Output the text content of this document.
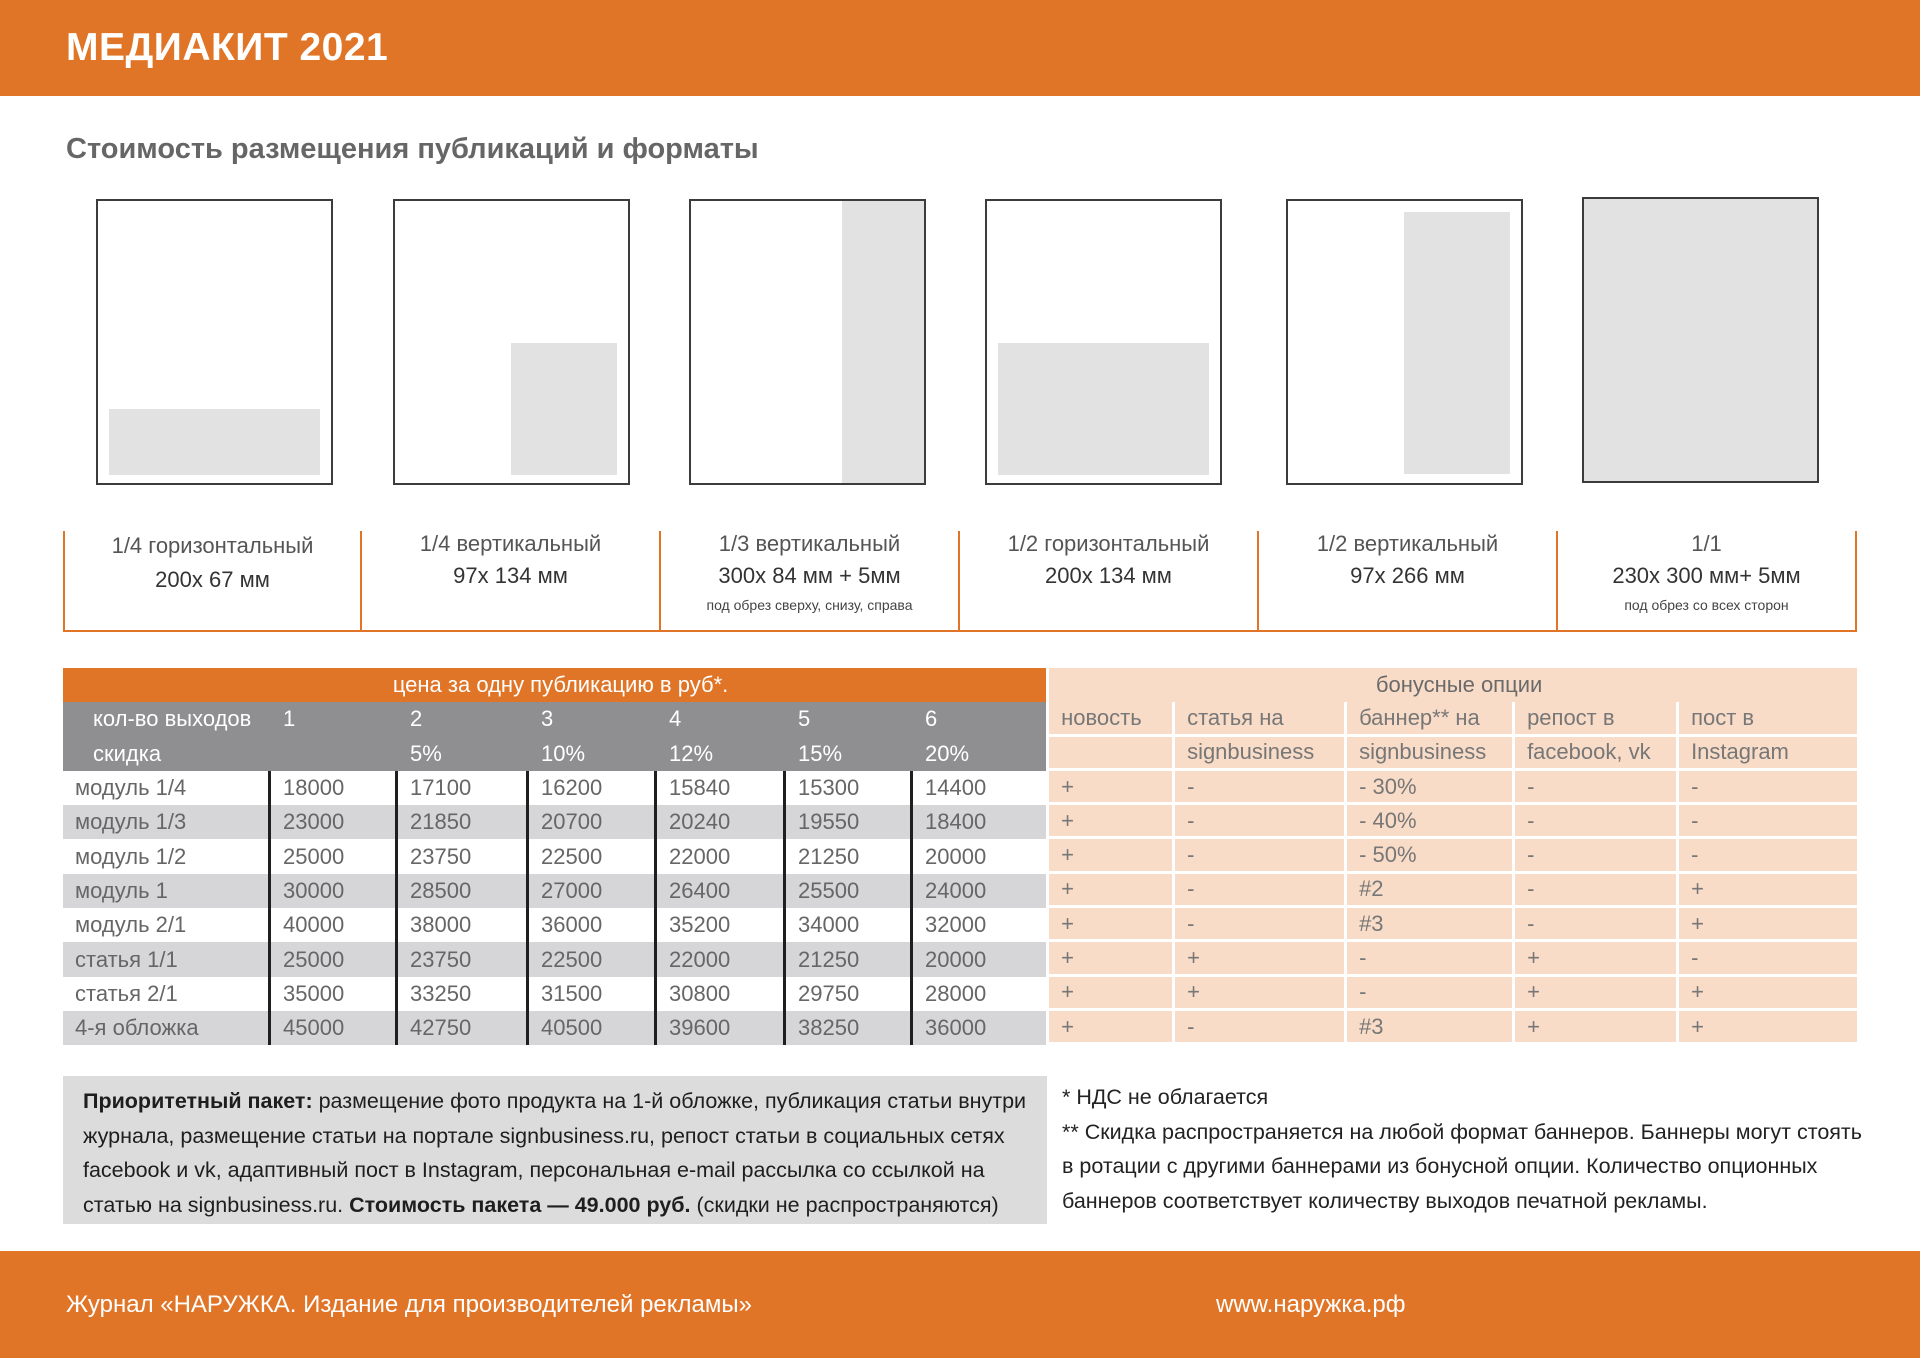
МЕДИАКИТ 2021
Стоимость размещения публикаций и форматы
1/4 горизонтальный
200х 67 мм
1/4 вертикальный
97х 134 мм
1/3 вертикальный
300х 84 мм + 5мм
под обрез сверху, снизу, справа
1/2 горизонтальный
200х 134 мм
1/2 вертикальный
97х 266 мм
1/1
230х 300 мм+ 5мм
под обрез со всех сторон
цена за одну публикацию в руб*.							бонусные опции				
кол-во выходов	1	2	3	4	5	6	новость	статья на	баннер** на	репост в	пост в
скидка		5%	10%	12%	15%	20%		signbusiness	signbusiness	facebook, vk	Instagram
модуль 1/4	18000	17100	16200	15840	15300	14400	+	-	- 30%	-	-
модуль 1/3	23000	21850	20700	20240	19550	18400	+	-	- 40%	-	-
модуль 1/2	25000	23750	22500	22000	21250	20000	+	-	- 50%	-	-
модуль 1	30000	28500	27000	26400	25500	24000	+	-	#2	-	+
модуль 2/1	40000	38000	36000	35200	34000	32000	+	-	#3	-	+
статья 1/1	25000	23750	22500	22000	21250	20000	+	+	-	+	-
статья 2/1	35000	33250	31500	30800	29750	28000	+	+	-	+	+
4-я обложка	45000	42750	40500	39600	38250	36000	+	-	#3	+	+
Приоритетный пакет: размещение фото продукта на 1-й обложке, публикация статьи внутри журнала, размещение статьи на портале signbusiness.ru, репост статьи в социальных сетях facebook и vk, адаптивный пост в Instagram, персональная e-mail рассылка со ссылкой на статью на signbusiness.ru. Стоимость пакета — 49.000 руб. (скидки не распространяются)
* НДС не облагается
** Скидка распространяется на любой формат баннеров. Баннеры могут стоять в ротации с другими баннерами из бонусной опции. Количество опционных баннеров соответствует количеству выходов печатной рекламы.
Журнал «НАРУЖКА. Издание для производителей рекламы»	www.наружка.рф
